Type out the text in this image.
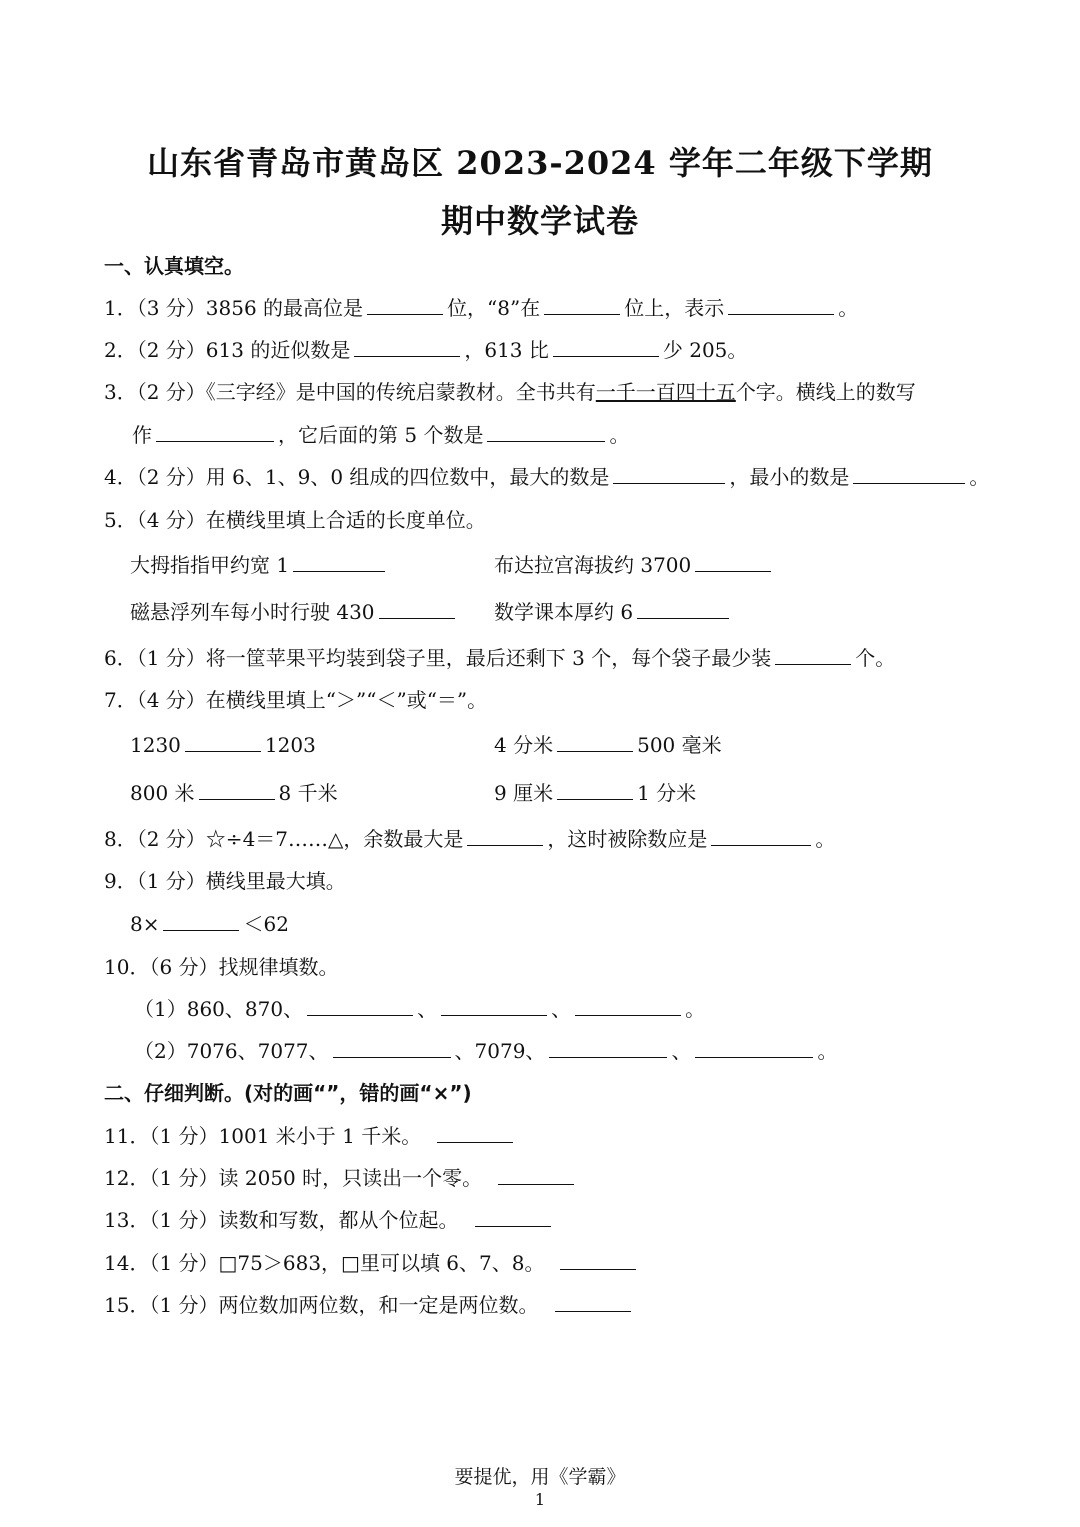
山东省青岛市黄岛区 2023-2024 学年二年级下学期
期中数学试卷
一、认真填空。
1．（3 分）3856 的最高位是	位，“8”在	位上，表示	。
2．（2 分）613 的近似数是	，613 比	少 205。
3．（2 分）《三字经》是中国的传统启蒙教材。全书共有一千一百四十五个字。横线上的数写
作	，它后面的第 5 个数是	。
4．（2 分）用 6、1、9、0 组成的四位数中，最大的数是	，最小的数是	。
5．（4 分）在横线里填上合适的长度单位。
大拇指指甲约宽 1	布达拉宫海拔约 3700
磁悬浮列车每小时行驶 430	数学课本厚约 6
6．（1 分）将一筐苹果平均装到袋子里，最后还剩下 3 个，每个袋子最少装	个。
7．（4 分）在横线里填上“＞”“＜”或“＝”。
1230	1203	4 分米	500 毫米
800 米	8 千米	9 厘米	1 分米
8．（2 分）☆÷4＝7……△，余数最大是	，这时被除数应是	。
9．（1 分）横线里最大填。
8×	＜62
10．（6 分）找规律填数。
（1）860、870、	、	、	。
（2）7076、7077、	、7079、	、	。
二、仔细判断。(对的画“”，错的画“×”)
11．（1 分）1001 米小于 1 千米。
12．（1 分）读 2050 时，只读出一个零。
13．（1 分）读数和写数，都从个位起。
14．（1 分）□75＞683，□里可以填 6、7、8。
15．（1 分）两位数加两位数，和一定是两位数。
要提优，用《学霸》
1
